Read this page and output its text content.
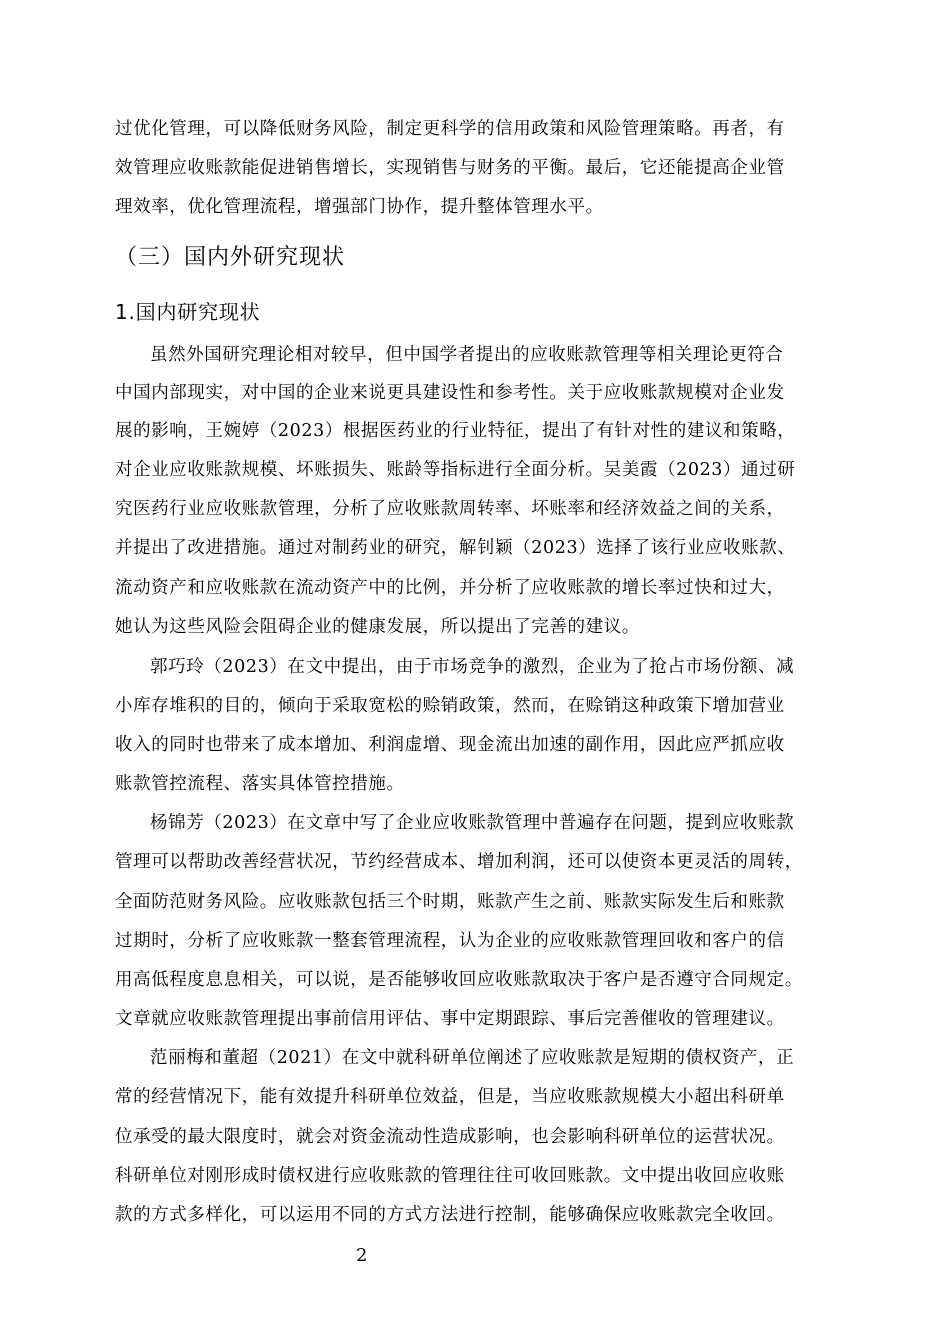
过优化管理，可以降低财务风险，制定更科学的信用政策和风险管理策略。再者，有
效管理应收账款能促进销售增长，实现销售与财务的平衡。最后，它还能提高企业管
理效率，优化管理流程，增强部门协作，提升整体管理水平。
（三）国内外研究现状
1.国内研究现状
虽然外国研究理论相对较早，但中国学者提出的应收账款管理等相关理论更符合
中国内部现实，对中国的企业来说更具建设性和参考性。关于应收账款规模对企业发
展的影响，王婉婷（2023）根据医药业的行业特征，提出了有针对性的建议和策略，
对企业应收账款规模、坏账损失、账龄等指标进行全面分析。吴美霞（2023）通过研
究医药行业应收账款管理，分析了应收账款周转率、坏账率和经济效益之间的关系，
并提出了改进措施。通过对制药业的研究，解钊颖（2023）选择了该行业应收账款、
流动资产和应收账款在流动资产中的比例，并分析了应收账款的增长率过快和过大，
她认为这些风险会阻碍企业的健康发展，所以提出了完善的建议。
郭巧玲（2023）在文中提出，由于市场竞争的激烈，企业为了抢占市场份额、减
小库存堆积的目的，倾向于采取宽松的赊销政策，然而，在赊销这种政策下增加营业
收入的同时也带来了成本增加、利润虚增、现金流出加速的副作用，因此应严抓应收
账款管控流程、落实具体管控措施。
杨锦芳（2023）在文章中写了企业应收账款管理中普遍存在问题，提到应收账款
管理可以帮助改善经营状况，节约经营成本、增加利润，还可以使资本更灵活的周转，
全面防范财务风险。应收账款包括三个时期，账款产生之前、账款实际发生后和账款
过期时，分析了应收账款一整套管理流程，认为企业的应收账款管理回收和客户的信
用高低程度息息相关，可以说，是否能够收回应收账款取决于客户是否遵守合同规定。
文章就应收账款管理提出事前信用评估、事中定期跟踪、事后完善催收的管理建议。
范丽梅和董超（2021）在文中就科研单位阐述了应收账款是短期的债权资产，正
常的经营情况下，能有效提升科研单位效益，但是，当应收账款规模大小超出科研单
位承受的最大限度时，就会对资金流动性造成影响，也会影响科研单位的运营状况。
科研单位对刚形成时债权进行应收账款的管理往往可收回账款。文中提出收回应收账
款的方式多样化，可以运用不同的方式方法进行控制，能够确保应收账款完全收回。
2
